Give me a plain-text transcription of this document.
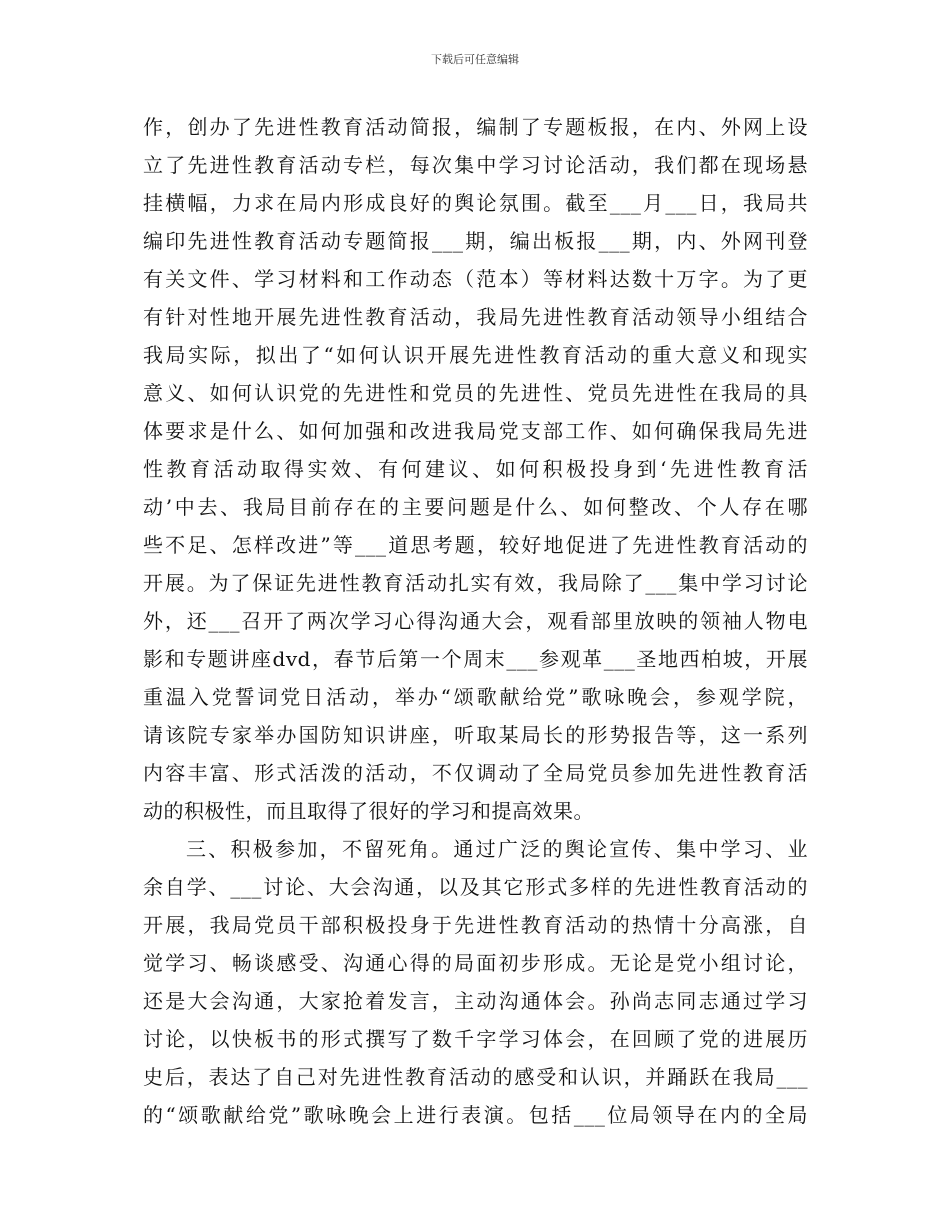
下载后可任意编辑
作，创办了先进性教育活动简报，编制了专题板报，在内、外网上设
立了先进性教育活动专栏，每次集中学习讨论活动，我们都在现场悬
挂横幅，力求在局内形成良好的舆论氛围。截至___月___日，我局共
编印先进性教育活动专题简报___期，编出板报___期，内、外网刊登
有关文件、学习材料和工作动态（范本）等材料达数十万字。为了更
有针对性地开展先进性教育活动，我局先进性教育活动领导小组结合
我局实际，拟出了“如何认识开展先进性教育活动的重大意义和现实
意义、如何认识党的先进性和党员的先进性、党员先进性在我局的具
体要求是什么、如何加强和改进我局党支部工作、如何确保我局先进
性教育活动取得实效、有何建议、如何积极投身到‘先进性教育活
动’中去、我局目前存在的主要问题是什么、如何整改、个人存在哪
些不足、怎样改进”等___道思考题，较好地促进了先进性教育活动的
开展。为了保证先进性教育活动扎实有效，我局除了___集中学习讨论
外，还___召开了两次学习心得沟通大会，观看部里放映的领袖人物电
影和专题讲座dvd，春节后第一个周末___参观革___圣地西柏坡，开展
重温入党誓词党日活动，举办“颂歌献给党”歌咏晚会，参观学院，
请该院专家举办国防知识讲座，听取某局长的形势报告等，这一系列
内容丰富、形式活泼的活动，不仅调动了全局党员参加先进性教育活
动的积极性，而且取得了很好的学习和提高效果。
三、积极参加，不留死角。通过广泛的舆论宣传、集中学习、业
余自学、___讨论、大会沟通，以及其它形式多样的先进性教育活动的
开展，我局党员干部积极投身于先进性教育活动的热情十分高涨，自
觉学习、畅谈感受、沟通心得的局面初步形成。无论是党小组讨论，
还是大会沟通，大家抢着发言，主动沟通体会。孙尚志同志通过学习
讨论，以快板书的形式撰写了数千字学习体会，在回顾了党的进展历
史后，表达了自己对先进性教育活动的感受和认识，并踊跃在我局___
的“颂歌献给党”歌咏晚会上进行表演。包括___位局领导在内的全局
